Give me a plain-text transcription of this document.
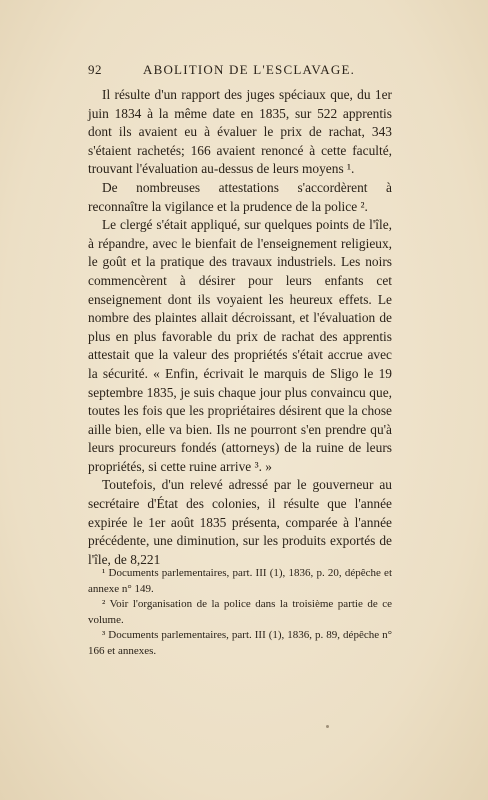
92	ABOLITION DE L'ESCLAVAGE.

Il résulte d'un rapport des juges spéciaux que, du 1er juin 1834 à la même date en 1835, sur 522 apprentis dont ils avaient eu à évaluer le prix de rachat, 343 s'étaient rachetés; 166 avaient renoncé à cette faculté, trouvant l'évaluation au-dessus de leurs moyens ¹.

De nombreuses attestations s'accordèrent à reconnaître la vigilance et la prudence de la police ².

Le clergé s'était appliqué, sur quelques points de l'île, à répandre, avec le bienfait de l'enseignement religieux, le goût et la pratique des travaux industriels. Les noirs commencèrent à désirer pour leurs enfants cet enseignement dont ils voyaient les heureux effets. Le nombre des plaintes allait décroissant, et l'évaluation de plus en plus favorable du prix de rachat des apprentis attestait que la valeur des propriétés s'était accrue avec la sécurité. « Enfin, écrivait le marquis de Sligo le 19 septembre 1835, je suis chaque jour plus convaincu que, toutes les fois que les propriétaires désirent que la chose aille bien, elle va bien. Ils ne pourront s'en prendre qu'à leurs procureurs fondés (attorneys) de la ruine de leurs propriétés, si cette ruine arrive ³. »

Toutefois, d'un relevé adressé par le gouverneur au secrétaire d'État des colonies, il résulte que l'année expirée le 1er août 1835 présenta, comparée à l'année précédente, une diminution, sur les produits exportés de l'île, de 8,221

¹ Documents parlementaires, part. III (1), 1836, p. 20, dépêche et annexe n° 149.

² Voir l'organisation de la police dans la troisième partie de ce volume.

³ Documents parlementaires, part. III (1), 1836, p. 89, dépêche n° 166 et annexes.
